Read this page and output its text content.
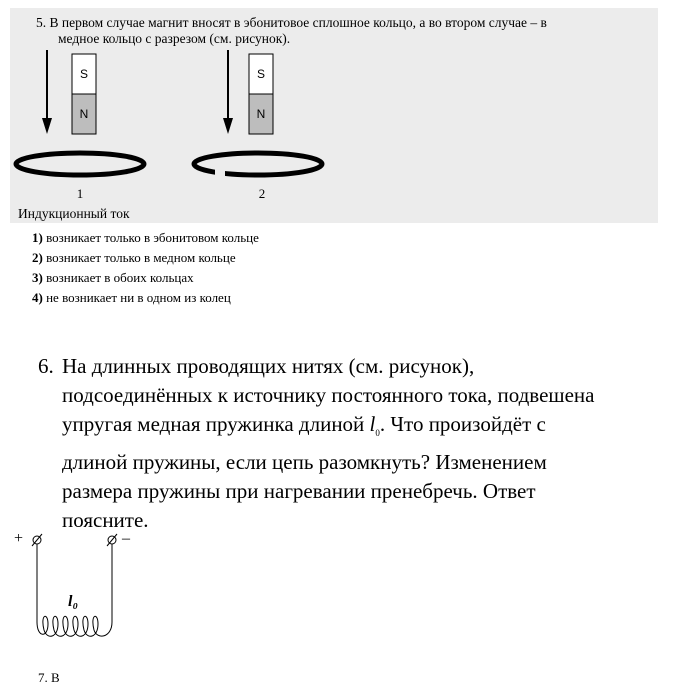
5. В первом случае магнит вносят в эбонитовое сплошное кольцо, а во втором случае – в
медное кольцо с разрезом (см. рисунок).
S
N
1
S
N
2
+	–
l₀
Индукционный ток
1) возникает только в эбонитовом кольце
2) возникает только в медном кольце
3) возникает в обоих кольцах
4) не возникает ни в одном из колец
6. На длинных проводящих нитях (см. рисунок),
подсоединённых к источнику постоянного тока, подвешена
упругая медная пружинка длиной $l_0$. Что произойдёт с
длиной пружины, если цепь разомкнуть? Изменением
размера пружины при нагревании пренебречь. Ответ
поясните.
7. В
